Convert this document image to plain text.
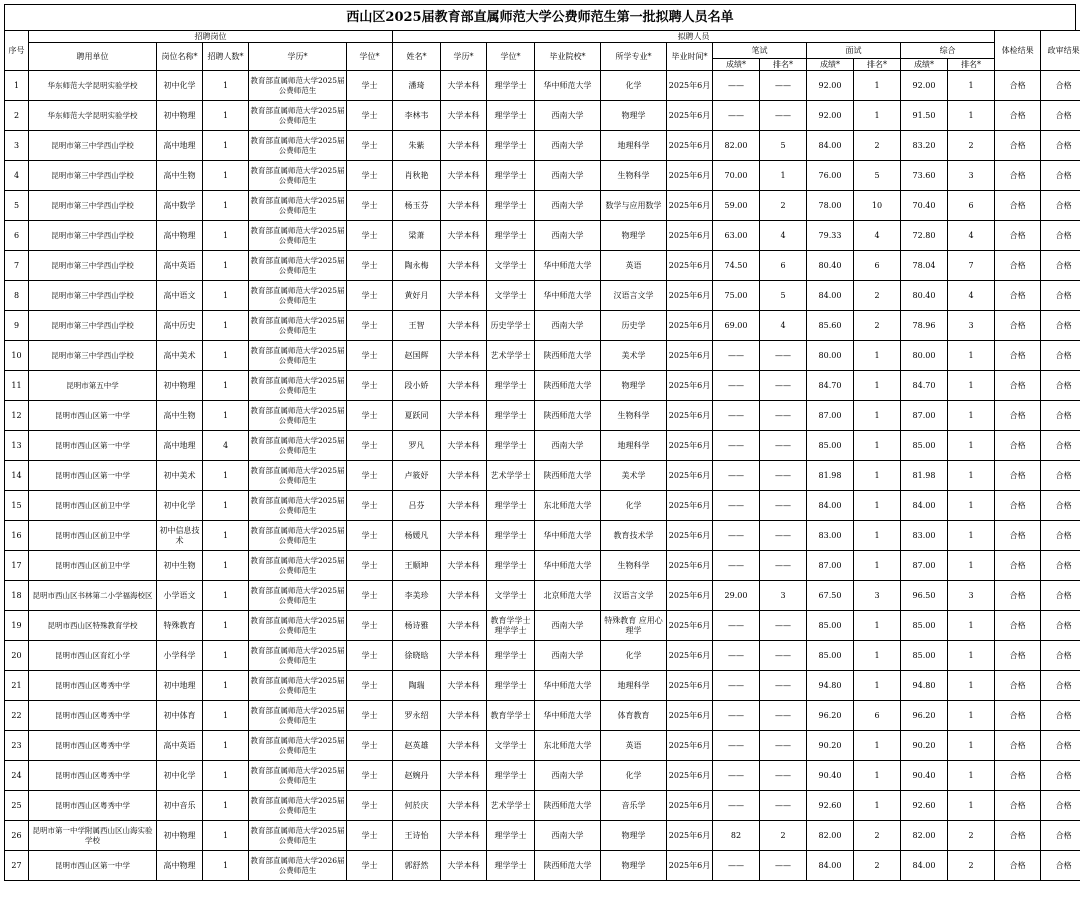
西山区2025届教育部直属师范大学公费师范生第一批拟聘人员名单
序号	招聘岗位					拟聘人员												体检结果	政审结果
	聘用单位	岗位名称*	招聘人数*	学历*	学位*	姓名*	学历*	学位*	毕业院校*	所学专业*	毕业时间*	笔试		面试		综合			
												成绩*	排名*	成绩*	排名*	成绩*	排名*		
1	华东师范大学昆明实验学校	初中化学	1	教育部直属师范大学2025届公费师范生	学士	潘琦	大学本科	理学学士	华中师范大学	化学	2025年6月	——	——	92.00	1	92.00	1	合格	合格
2	华东师范大学昆明实验学校	初中物理	1	教育部直属师范大学2025届公费师范生	学士	李林韦	大学本科	理学学士	西南大学	物理学	2025年6月	——	——	92.00	1	91.50	1	合格	合格
3	昆明市第三中学西山学校	高中地理	1	教育部直属师范大学2025届公费师范生	学士	朱紫	大学本科	理学学士	西南大学	地理科学	2025年6月	82.00	5	84.00	2	83.20	2	合格	合格
4	昆明市第三中学西山学校	高中生物	1	教育部直属师范大学2025届公费师范生	学士	肖秋艳	大学本科	理学学士	西南大学	生物科学	2025年6月	70.00	1	76.00	5	73.60	3	合格	合格
5	昆明市第三中学西山学校	高中数学	1	教育部直属师范大学2025届公费师范生	学士	杨玉芬	大学本科	理学学士	西南大学	数学与应用数学	2025年6月	59.00	2	78.00	10	70.40	6	合格	合格
6	昆明市第三中学西山学校	高中物理	1	教育部直属师范大学2025届公费师范生	学士	梁萧	大学本科	理学学士	西南大学	物理学	2025年6月	63.00	4	79.33	4	72.80	4	合格	合格
7	昆明市第三中学西山学校	高中英语	1	教育部直属师范大学2025届公费师范生	学士	陶永梅	大学本科	文学学士	华中师范大学	英语	2025年6月	74.50	6	80.40	6	78.04	7	合格	合格
8	昆明市第三中学西山学校	高中语文	1	教育部直属师范大学2025届公费师范生	学士	黄好月	大学本科	文学学士	华中师范大学	汉语言文学	2025年6月	75.00	5	84.00	2	80.40	4	合格	合格
9	昆明市第三中学西山学校	高中历史	1	教育部直属师范大学2025届公费师范生	学士	王智	大学本科	历史学学士	西南大学	历史学	2025年6月	69.00	4	85.60	2	78.96	3	合格	合格
10	昆明市第三中学西山学校	高中美术	1	教育部直属师范大学2025届公费师范生	学士	赵国辉	大学本科	艺术学学士	陕西师范大学	美术学	2025年6月	——	——	80.00	1	80.00	1	合格	合格
11	昆明市第五中学	初中物理	1	教育部直属师范大学2025届公费师范生	学士	段小娇	大学本科	理学学士	陕西师范大学	物理学	2025年6月	——	——	84.70	1	84.70	1	合格	合格
12	昆明市西山区第一中学	高中生物	1	教育部直属师范大学2025届公费师范生	学士	夏跃同	大学本科	理学学士	陕西师范大学	生物科学	2025年6月	——	——	87.00	1	87.00	1	合格	合格
13	昆明市西山区第一中学	高中地理	4	教育部直属师范大学2025届公费师范生	学士	罗凡	大学本科	理学学士	西南大学	地理科学	2025年6月	——	——	85.00	1	85.00	1	合格	合格
14	昆明市西山区第一中学	初中美术	1	教育部直属师范大学2025届公费师范生	学士	卢筱妤	大学本科	艺术学学士	陕西师范大学	美术学	2025年6月	——	——	81.98	1	81.98	1	合格	合格
15	昆明市西山区前卫中学	初中化学	1	教育部直属师范大学2025届公费师范生	学士	吕芬	大学本科	理学学士	东北师范大学	化学	2025年6月	——	——	84.00	1	84.00	1	合格	合格
16	昆明市西山区前卫中学	初中信息技术	1	教育部直属师范大学2025届公费师范生	学士	杨媛凡	大学本科	理学学士	华中师范大学	教育技术学	2025年6月	——	——	83.00	1	83.00	1	合格	合格
17	昆明市西山区前卫中学	初中生物	1	教育部直属师范大学2025届公费师范生	学士	王顺坤	大学本科	理学学士	华中师范大学	生物科学	2025年6月	——	——	87.00	1	87.00	1	合格	合格
18	昆明市西山区书林第二小学福海校区	小学语文	1	教育部直属师范大学2025届公费师范生	学士	李美珍	大学本科	文学学士	北京师范大学	汉语言文学	2025年6月	29.00	3	67.50	3	96.50	3	合格	合格
19	昆明市西山区特殊教育学校	特殊教育	1	教育部直属师范大学2025届公费师范生	学士	杨诗雅	大学本科	教育学学士理学学士	西南大学	特殊教育 应用心理学	2025年6月	——	——	85.00	1	85.00	1	合格	合格
20	昆明市西山区育红小学	小学科学	1	教育部直属师范大学2025届公费师范生	学士	徐晓晗	大学本科	理学学士	西南大学	化学	2025年6月	——	——	85.00	1	85.00	1	合格	合格
21	昆明市西山区粤秀中学	初中地理	1	教育部直属师范大学2025届公费师范生	学士	陶瑞	大学本科	理学学士	华中师范大学	地理科学	2025年6月	——	——	94.80	1	94.80	1	合格	合格
22	昆明市西山区粤秀中学	初中体育	1	教育部直属师范大学2025届公费师范生	学士	罗永绍	大学本科	教育学学士	华中师范大学	体育教育	2025年6月	——	——	96.20	6	96.20	1	合格	合格
23	昆明市西山区粤秀中学	高中英语	1	教育部直属师范大学2025届公费师范生	学士	赵英雄	大学本科	文学学士	东北师范大学	英语	2025年6月	——	——	90.20	1	90.20	1	合格	合格
24	昆明市西山区粤秀中学	初中化学	1	教育部直属师范大学2025届公费师范生	学士	赵婉丹	大学本科	理学学士	西南大学	化学	2025年6月	——	——	90.40	1	90.40	1	合格	合格
25	昆明市西山区粤秀中学	初中音乐	1	教育部直属师范大学2025届公费师范生	学士	何於庆	大学本科	艺术学学士	陕西师范大学	音乐学	2025年6月	——	——	92.60	1	92.60	1	合格	合格
26	昆明市第一中学附属西山区山海实验学校	初中物理	1	教育部直属师范大学2025届公费师范生	学士	王诗怡	大学本科	理学学士	西南大学	物理学	2025年6月	82	2	82.00	2	82.00	2	合格	合格
27	昆明市西山区第一中学	高中物理	1	教育部直属师范大学2026届公费师范生	学士	郭舒然	大学本科	理学学士	陕西师范大学	物理学	2025年6月	——	——	84.00	2	84.00	2	合格	合格
